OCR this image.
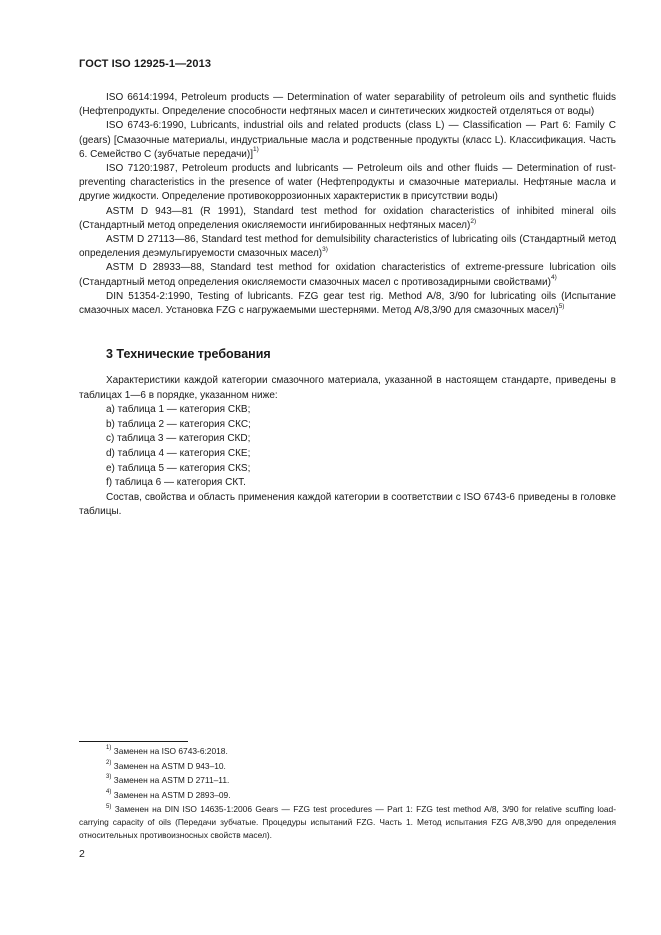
ГОСТ ISO 12925-1—2013

ISO 6614:1994, Petroleum products — Determination of water separability of petroleum oils and synthetic fluids (Нефтепродукты. Определение способности нефтяных масел и синтетических жидкостей отделяться от воды)

ISO 6743-6:1990, Lubricants, industrial oils and related products (class L) — Classification — Part 6: Family C (gears) [Смазочные материалы, индустриальные масла и родственные продукты (класс L). Классификация. Часть 6. Семейство С (зубчатые передачи)]$^{1)}$

ISO 7120:1987, Petroleum products and lubricants — Petroleum oils and other fluids — Determination of rust-preventing characteristics in the presence of water (Нефтепродукты и смазочные материалы. Нефтяные масла и другие жидкости. Определение противокоррозионных характеристик в присутствии воды)

ASTM D 943—81 (R 1991), Standard test method for oxidation characteristics of inhibited mineral oils (Стандартный метод определения окисляемости ингибированных нефтяных масел)$^{2)}$

ASTM D 27113—86, Standard test method for demulsibility characteristics of lubricating oils (Стандартный метод определения деэмульгируемости смазочных масел)$^{3)}$

ASTM D 28933—88, Standard test method for oxidation characteristics of extreme-pressure lubrication oils (Стандартный метод определения окисляемости смазочных масел с противозадирными свойствами)$^{4)}$

DIN 51354-2:1990, Testing of lubricants. FZG gear test rig. Method A/8, 3/90 for lubricating oils (Испытание смазочных масел. Установка FZG с нагружаемыми шестернями. Метод A/8,3/90 для смазочных масел)$^{5)}$

3 Технические требования

Характеристики каждой категории смазочного материала, указанной в настоящем стандарте, приведены в таблицах 1—6 в порядке, указанном ниже:

a) таблица 1 — категория СКВ;

b) таблица 2 — категория СКС;

c) таблица 3 — категория СКD;

d) таблица 4 — категория СКЕ;

e) таблица 5 — категория СКS;

f) таблица 6 — категория СКТ.

Состав, свойства и область применения каждой категории в соответствии с ISO 6743-6 приведены в головке таблицы.

$^{1)}$ Заменен на ISO 6743-6:2018.

$^{2)}$ Заменен на ASTM D 943–10.

$^{3)}$ Заменен на ASTM D 2711–11.

$^{4)}$ Заменен на ASTM D 2893–09.

$^{5)}$ Заменен на DIN ISO 14635-1:2006 Gears — FZG test procedures — Part 1: FZG test method A/8, 3/90 for relative scuffing load-carrying capacity of oils (Передачи зубчатые. Процедуры испытаний FZG. Часть 1. Метод испытания FZG A/8,3/90 для определения относительных противоизносных свойств масел).

2
